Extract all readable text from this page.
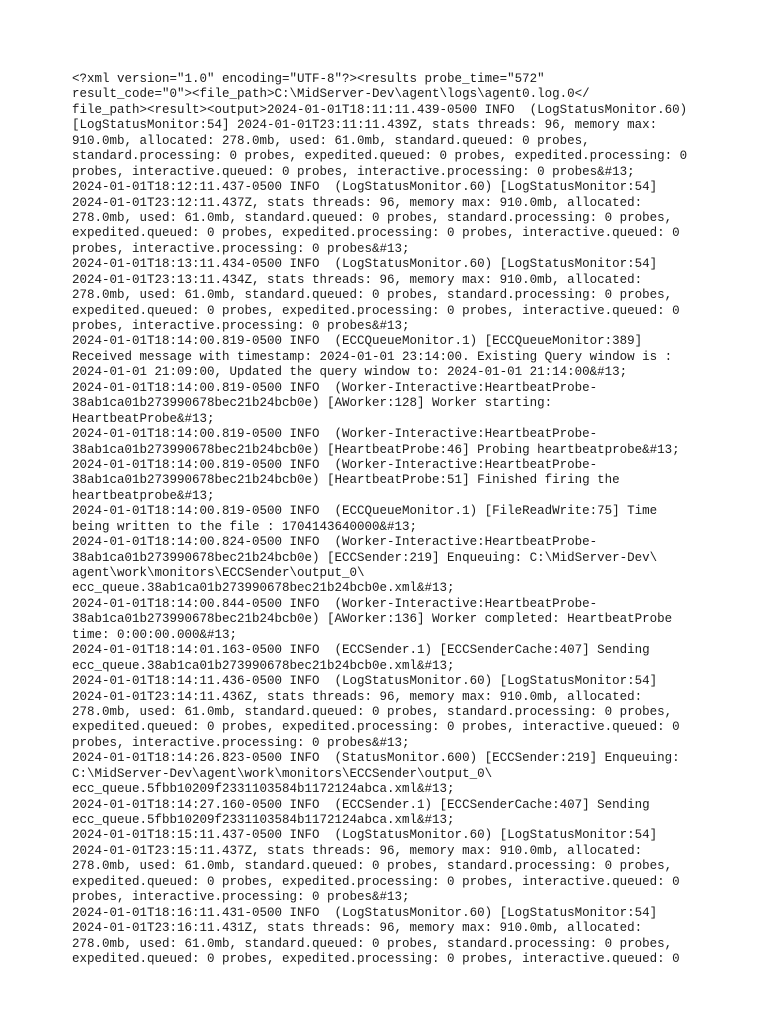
<?xml version="1.0" encoding="UTF-8"?><results probe_time="572"
result_code="0"><file_path>C:\MidServer-Dev\agent\logs\agent0.log.0</
file_path><result><output>2024-01-01T18:11:11.439-0500 INFO  (LogStatusMonitor.60)
[LogStatusMonitor:54] 2024-01-01T23:11:11.439Z, stats threads: 96, memory max:
910.0mb, allocated: 278.0mb, used: 61.0mb, standard.queued: 0 probes,
standard.processing: 0 probes, expedited.queued: 0 probes, expedited.processing: 0
probes, interactive.queued: 0 probes, interactive.processing: 0 probes&#13;
2024-01-01T18:12:11.437-0500 INFO  (LogStatusMonitor.60) [LogStatusMonitor:54]
2024-01-01T23:12:11.437Z, stats threads: 96, memory max: 910.0mb, allocated:
278.0mb, used: 61.0mb, standard.queued: 0 probes, standard.processing: 0 probes,
expedited.queued: 0 probes, expedited.processing: 0 probes, interactive.queued: 0
probes, interactive.processing: 0 probes&#13;
2024-01-01T18:13:11.434-0500 INFO  (LogStatusMonitor.60) [LogStatusMonitor:54]
2024-01-01T23:13:11.434Z, stats threads: 96, memory max: 910.0mb, allocated:
278.0mb, used: 61.0mb, standard.queued: 0 probes, standard.processing: 0 probes,
expedited.queued: 0 probes, expedited.processing: 0 probes, interactive.queued: 0
probes, interactive.processing: 0 probes&#13;
2024-01-01T18:14:00.819-0500 INFO  (ECCQueueMonitor.1) [ECCQueueMonitor:389]
Received message with timestamp: 2024-01-01 23:14:00. Existing Query window is :
2024-01-01 21:09:00, Updated the query window to: 2024-01-01 21:14:00&#13;
2024-01-01T18:14:00.819-0500 INFO  (Worker-Interactive:HeartbeatProbe-
38ab1ca01b273990678bec21b24bcb0e) [AWorker:128] Worker starting:
HeartbeatProbe&#13;
2024-01-01T18:14:00.819-0500 INFO  (Worker-Interactive:HeartbeatProbe-
38ab1ca01b273990678bec21b24bcb0e) [HeartbeatProbe:46] Probing heartbeatprobe&#13;
2024-01-01T18:14:00.819-0500 INFO  (Worker-Interactive:HeartbeatProbe-
38ab1ca01b273990678bec21b24bcb0e) [HeartbeatProbe:51] Finished firing the
heartbeatprobe&#13;
2024-01-01T18:14:00.819-0500 INFO  (ECCQueueMonitor.1) [FileReadWrite:75] Time
being written to the file : 1704143640000&#13;
2024-01-01T18:14:00.824-0500 INFO  (Worker-Interactive:HeartbeatProbe-
38ab1ca01b273990678bec21b24bcb0e) [ECCSender:219] Enqueuing: C:\MidServer-Dev\
agent\work\monitors\ECCSender\output_0\
ecc_queue.38ab1ca01b273990678bec21b24bcb0e.xml&#13;
2024-01-01T18:14:00.844-0500 INFO  (Worker-Interactive:HeartbeatProbe-
38ab1ca01b273990678bec21b24bcb0e) [AWorker:136] Worker completed: HeartbeatProbe
time: 0:00:00.000&#13;
2024-01-01T18:14:01.163-0500 INFO  (ECCSender.1) [ECCSenderCache:407] Sending
ecc_queue.38ab1ca01b273990678bec21b24bcb0e.xml&#13;
2024-01-01T18:14:11.436-0500 INFO  (LogStatusMonitor.60) [LogStatusMonitor:54]
2024-01-01T23:14:11.436Z, stats threads: 96, memory max: 910.0mb, allocated:
278.0mb, used: 61.0mb, standard.queued: 0 probes, standard.processing: 0 probes,
expedited.queued: 0 probes, expedited.processing: 0 probes, interactive.queued: 0
probes, interactive.processing: 0 probes&#13;
2024-01-01T18:14:26.823-0500 INFO  (StatusMonitor.600) [ECCSender:219] Enqueuing:
C:\MidServer-Dev\agent\work\monitors\ECCSender\output_0\
ecc_queue.5fbb10209f2331103584b1172124abca.xml&#13;
2024-01-01T18:14:27.160-0500 INFO  (ECCSender.1) [ECCSenderCache:407] Sending
ecc_queue.5fbb10209f2331103584b1172124abca.xml&#13;
2024-01-01T18:15:11.437-0500 INFO  (LogStatusMonitor.60) [LogStatusMonitor:54]
2024-01-01T23:15:11.437Z, stats threads: 96, memory max: 910.0mb, allocated:
278.0mb, used: 61.0mb, standard.queued: 0 probes, standard.processing: 0 probes,
expedited.queued: 0 probes, expedited.processing: 0 probes, interactive.queued: 0
probes, interactive.processing: 0 probes&#13;
2024-01-01T18:16:11.431-0500 INFO  (LogStatusMonitor.60) [LogStatusMonitor:54]
2024-01-01T23:16:11.431Z, stats threads: 96, memory max: 910.0mb, allocated:
278.0mb, used: 61.0mb, standard.queued: 0 probes, standard.processing: 0 probes,
expedited.queued: 0 probes, expedited.processing: 0 probes, interactive.queued: 0
